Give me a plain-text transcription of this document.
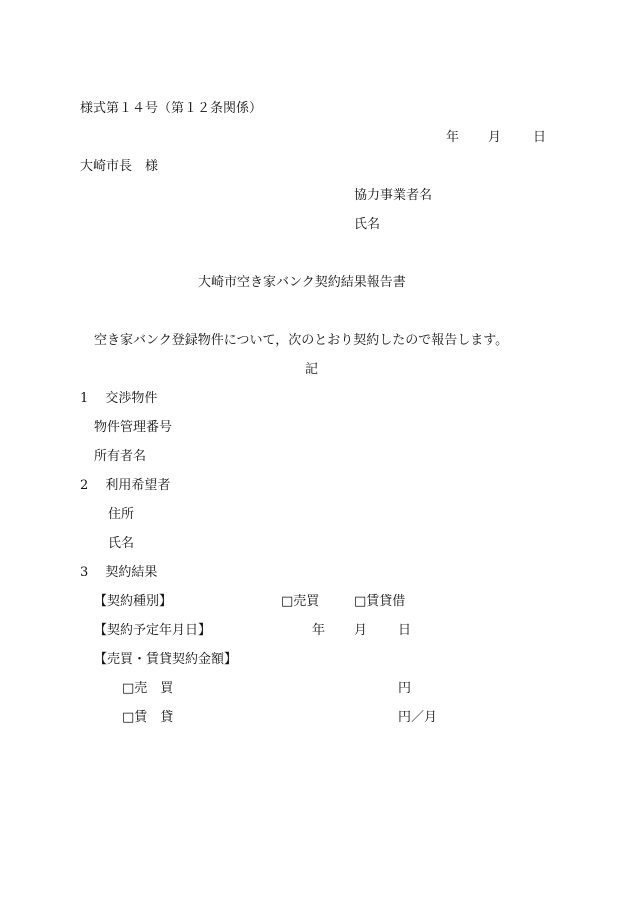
様式第１４号（第１２条関係）

年 月 日

大崎市長　様

協力事業者名

氏名

大崎市空き家バンク契約結果報告書

空き家バンク登録物件について，次のとおり契約したので報告します。

記

1　 交渉物件

物件管理番号

所有者名

2　 利用希望者

住所

氏名

3　 契約結果

【契約種別】	□売買	□賃貸借

【契約予定年月日】	年 月 日

【売買・賃貸契約金額】

□売　買	円

□賃　貸	円／月
